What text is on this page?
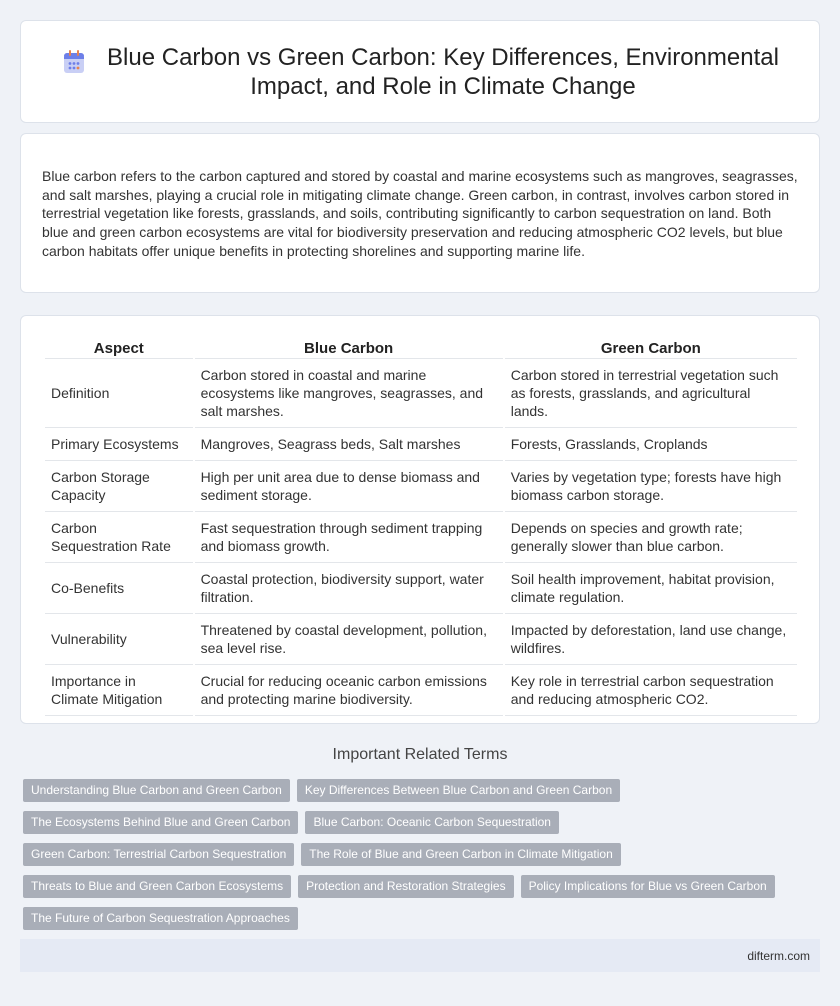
Blue Carbon vs Green Carbon: Key Differences, Environmental Impact, and Role in Climate Change

Blue carbon refers to the carbon captured and stored by coastal and marine ecosystems such as mangroves, seagrasses, and salt marshes, playing a crucial role in mitigating climate change. Green carbon, in contrast, involves carbon stored in terrestrial vegetation like forests, grasslands, and soils, contributing significantly to carbon sequestration on land. Both blue and green carbon ecosystems are vital for biodiversity preservation and reducing atmospheric CO2 levels, but blue carbon habitats offer unique benefits in protecting shorelines and supporting marine life.

Aspect	Blue Carbon	Green Carbon
Definition	Carbon stored in coastal and marine ecosystems like mangroves, seagrasses, and salt marshes.	Carbon stored in terrestrial vegetation such as forests, grasslands, and agricultural lands.
Primary Ecosystems	Mangroves, Seagrass beds, Salt marshes	Forests, Grasslands, Croplands
Carbon Storage Capacity	High per unit area due to dense biomass and sediment storage.	Varies by vegetation type; forests have high biomass carbon storage.
Carbon Sequestration Rate	Fast sequestration through sediment trapping and biomass growth.	Depends on species and growth rate; generally slower than blue carbon.
Co-Benefits	Coastal protection, biodiversity support, water filtration.	Soil health improvement, habitat provision, climate regulation.
Vulnerability	Threatened by coastal development, pollution, sea level rise.	Impacted by deforestation, land use change, wildfires.
Importance in Climate Mitigation	Crucial for reducing oceanic carbon emissions and protecting marine biodiversity.	Key role in terrestrial carbon sequestration and reducing atmospheric CO2.
Important Related Terms
Understanding Blue Carbon and Green Carbon	Key Differences Between Blue Carbon and Green Carbon
The Ecosystems Behind Blue and Green Carbon	Blue Carbon: Oceanic Carbon Sequestration
Green Carbon: Terrestrial Carbon Sequestration	The Role of Blue and Green Carbon in Climate Mitigation
Threats to Blue and Green Carbon Ecosystems	Protection and Restoration Strategies	Policy Implications for Blue vs Green Carbon
The Future of Carbon Sequestration Approaches
difterm.com
